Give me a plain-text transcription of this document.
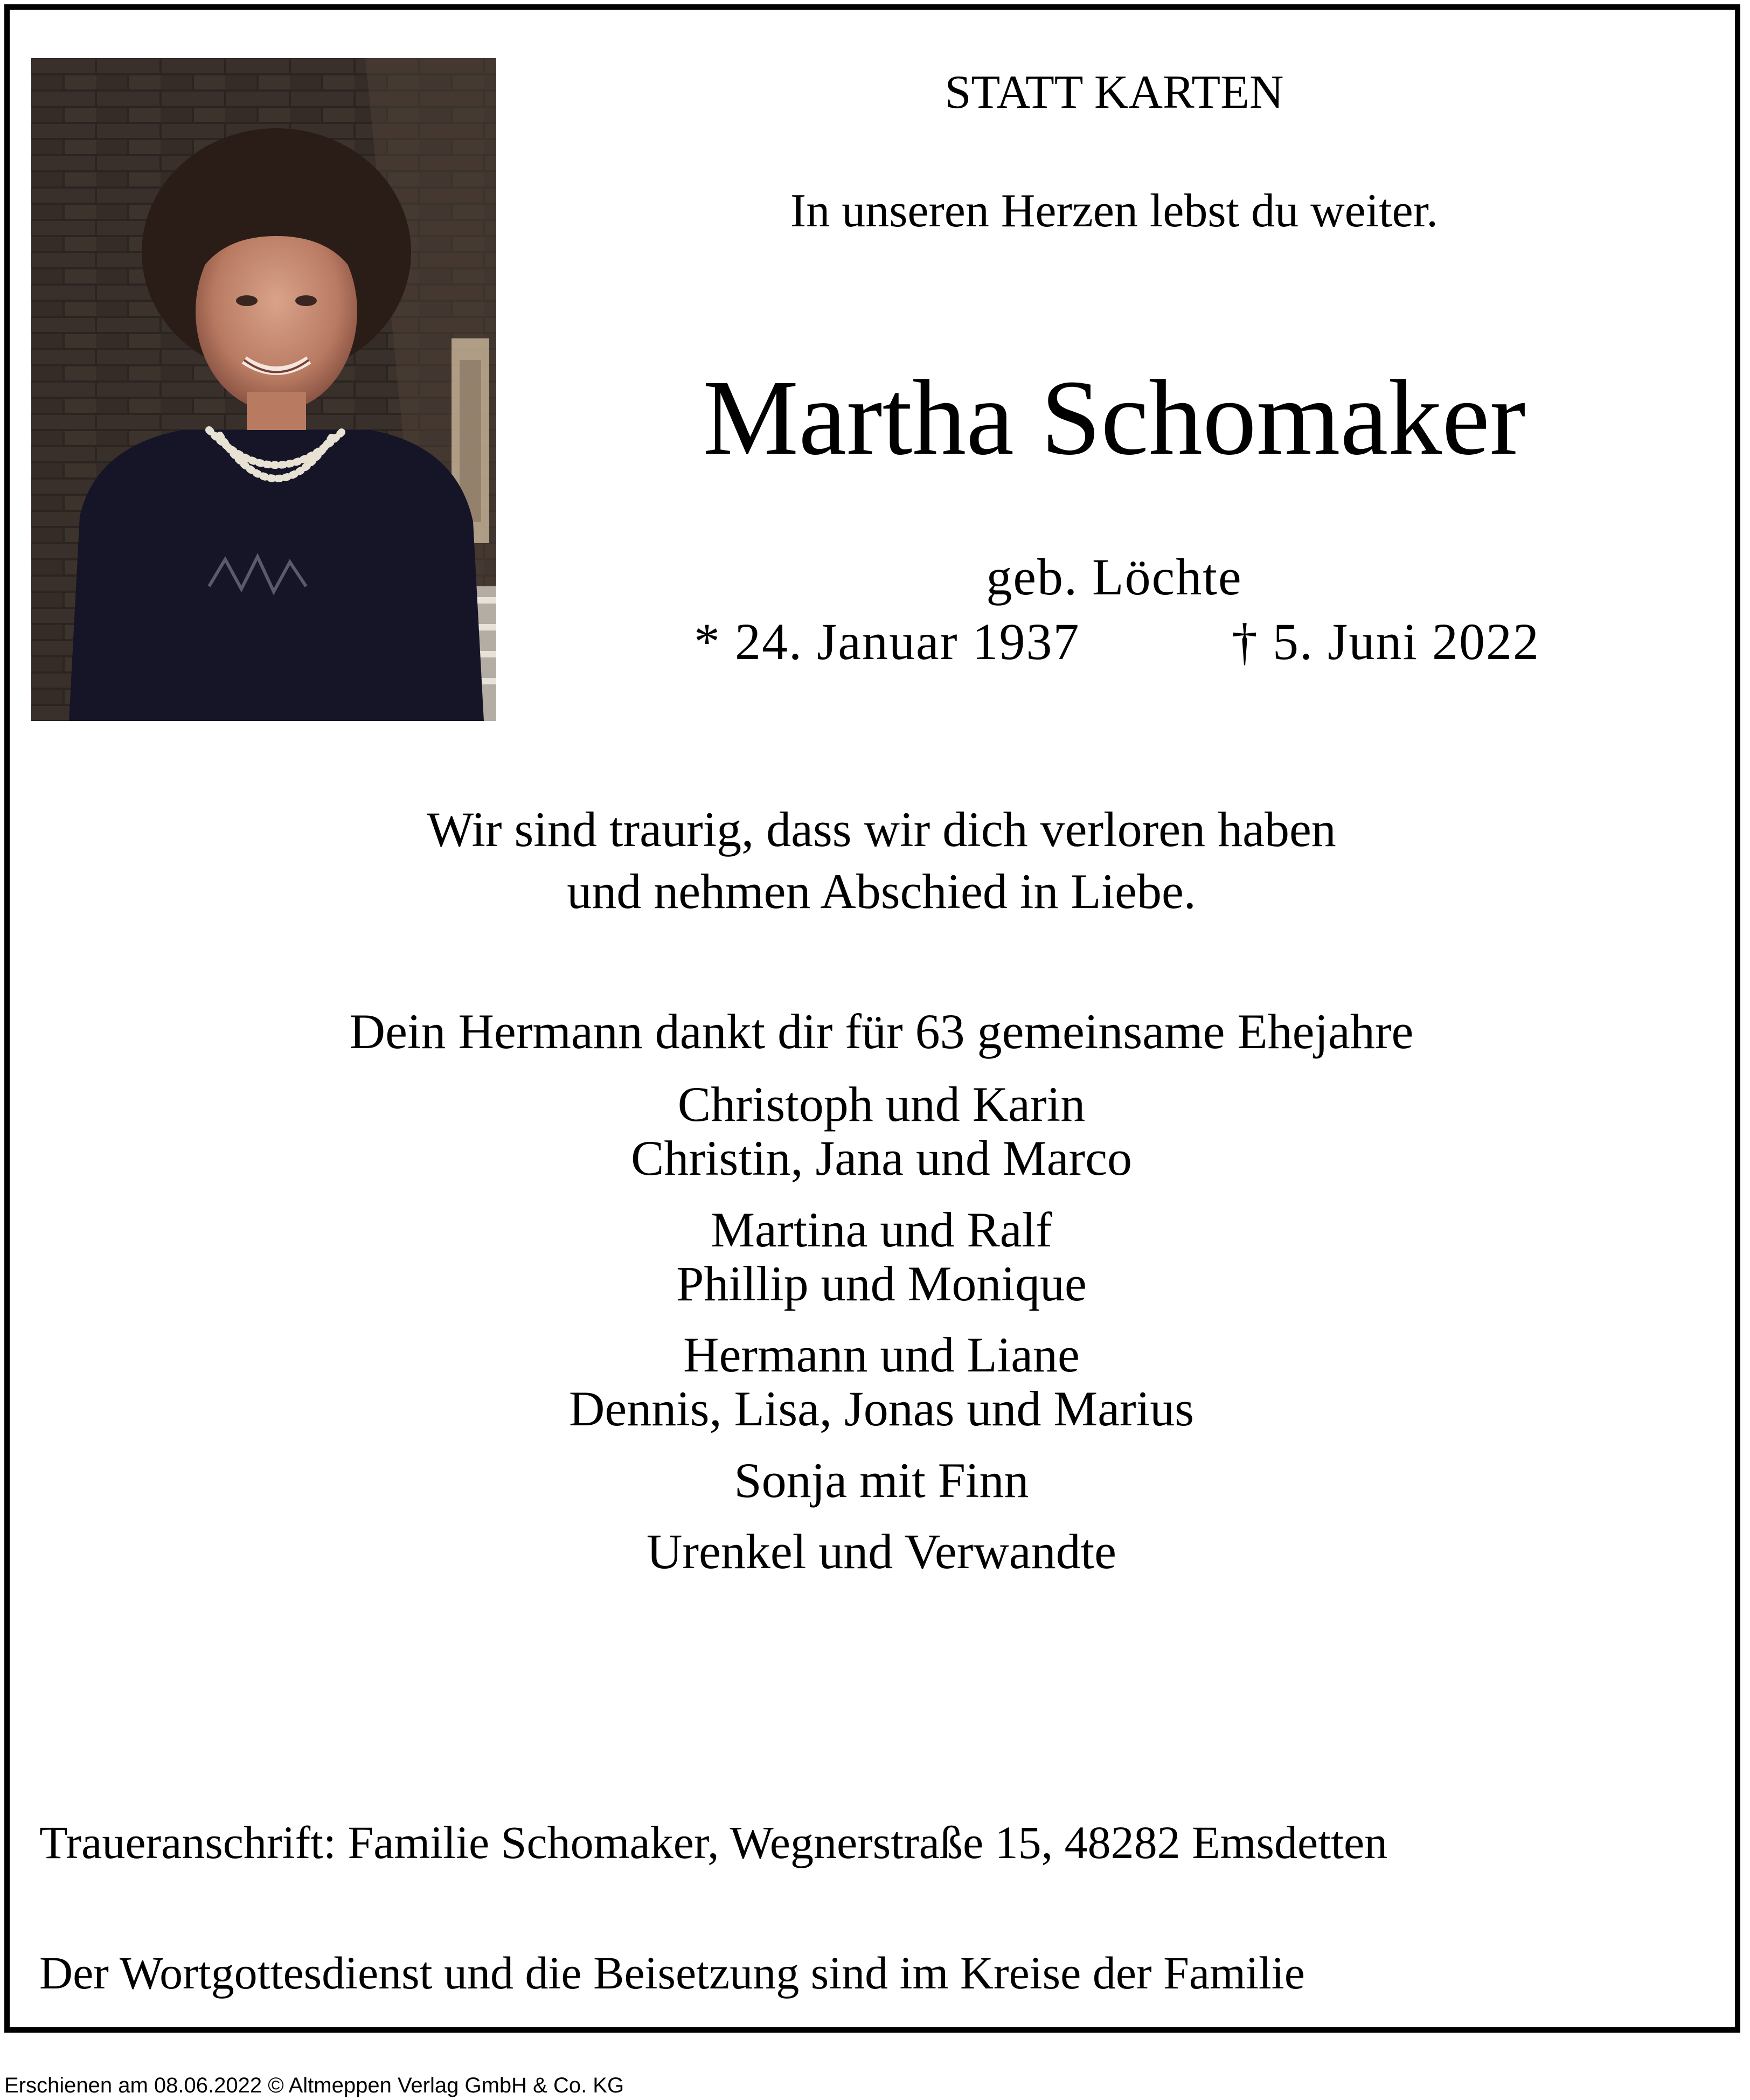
STATT KARTEN
In unseren Herzen lebst du weiter.
Martha Schomaker
geb. Löchte
* 24. Januar 1937	† 5. Juni 2022
Wir sind traurig, dass wir dich verloren haben
und nehmen Abschied in Liebe.
Dein Hermann dankt dir für 63 gemeinsame Ehejahre
Christoph und Karin
Christin, Jana und Marco
Martina und Ralf
Phillip und Monique
Hermann und Liane
Dennis, Lisa, Jonas und Marius
Sonja mit Finn
Urenkel und Verwandte
Traueranschrift: Familie Schomaker, Wegnerstraße 15, 48282 Emsdetten
Der Wortgottesdienst und die Beisetzung sind im Kreise der Familie
Erschienen am 08.06.2022 © Altmeppen Verlag GmbH & Co. KG
